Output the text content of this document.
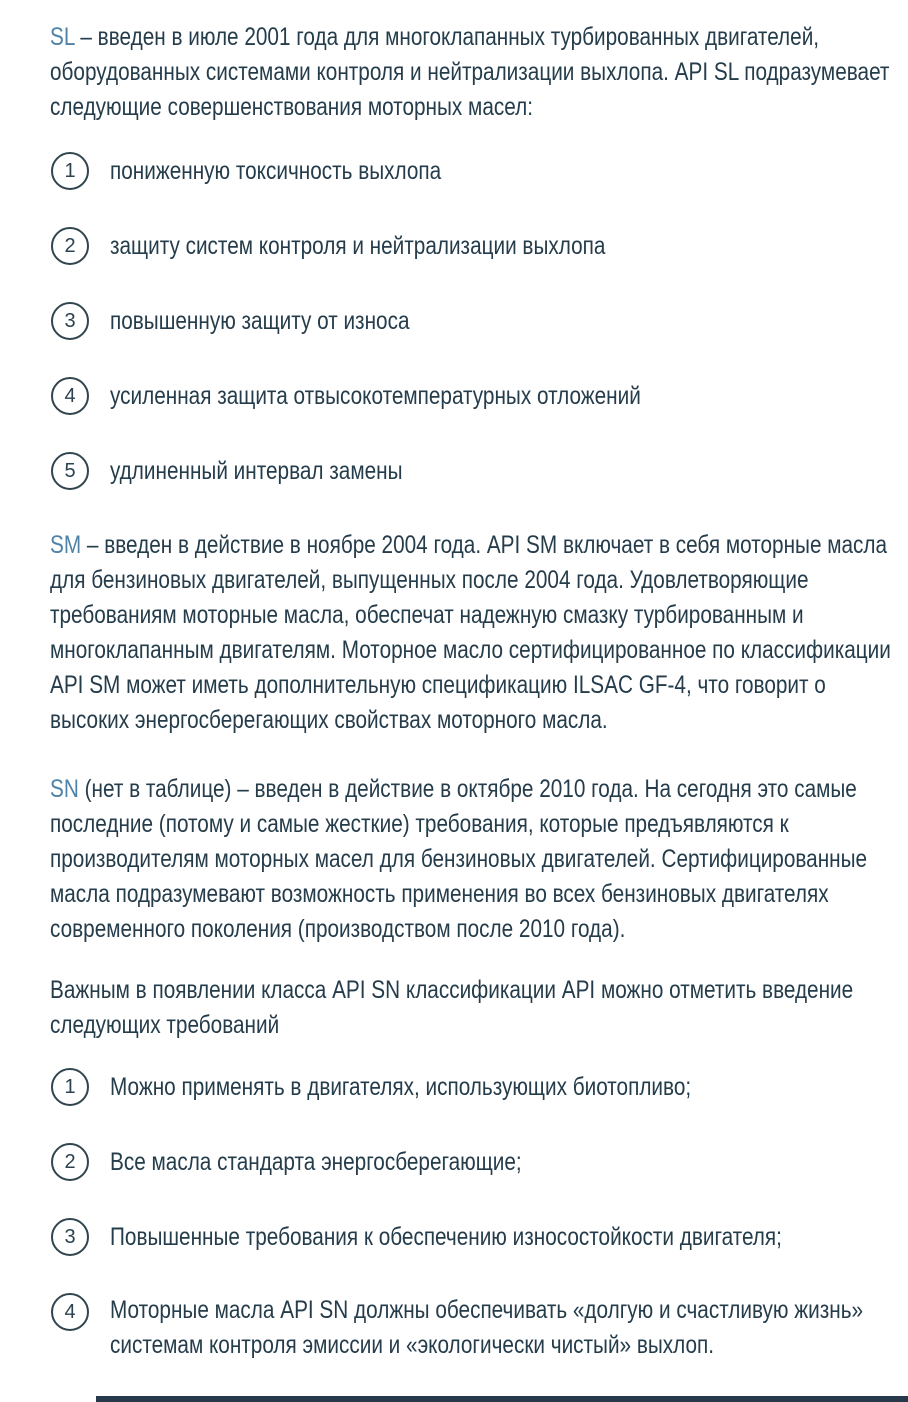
SL – введен в июле 2001 года для многоклапанных турбированных двигателей,
оборудованных системами контроля и нейтрализации выхлопа. API SL подразумевает
следующие совершенствования моторных масел:
1 пониженную токсичность выхлопа
2 защиту систем контроля и нейтрализации выхлопа
3 повышенную защиту от износа
4 усиленная защита отвысокотемпературных отложений
5 удлиненный интервал замены
SM – введен в действие в ноябре 2004 года. API SM включает в себя моторные масла
для бензиновых двигателей, выпущенных после 2004 года. Удовлетворяющие
требованиям моторные масла, обеспечат надежную смазку турбированным и
многоклапанным двигателям. Моторное масло сертифицированное по классификации
API SM может иметь дополнительную спецификацию ILSAC GF-4, что говорит о
высоких энергосберегающих свойствах моторного масла.
SN (нет в таблице) – введен в действие в октябре 2010 года. На сегодня это самые
последние (потому и самые жесткие) требования, которые предъявляются к
производителям моторных масел для бензиновых двигателей. Сертифицированные
масла подразумевают возможность применения во всех бензиновых двигателях
современного поколения (производством после 2010 года).
Важным в появлении класса API SN классификации API можно отметить введение
следующих требований
1 Можно применять в двигателях, использующих биотопливо;
2 Все масла стандарта энергосберегающие;
3 Повышенные требования к обеспечению износостойкости двигателя;
4 Моторные масла API SN должны обеспечивать «долгую и счастливую жизнь»
системам контроля эмиссии и «экологически чистый» выхлоп.
